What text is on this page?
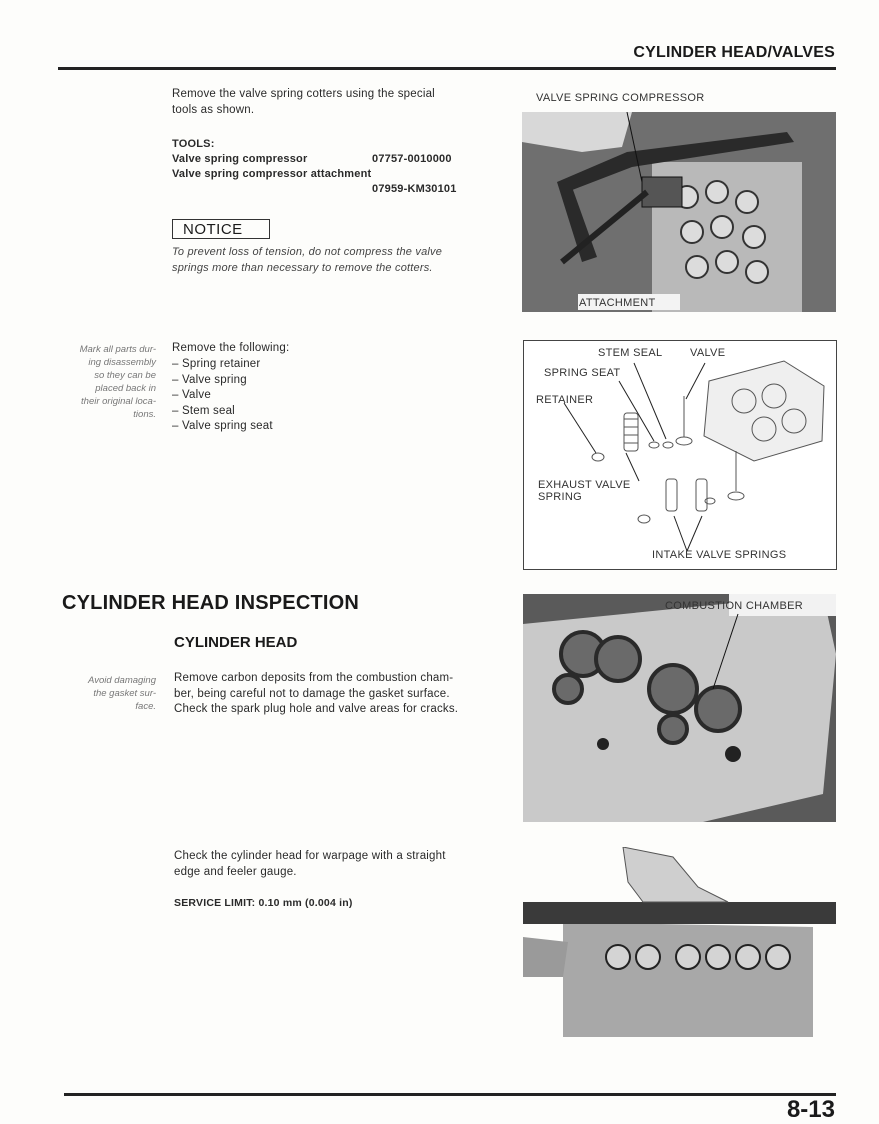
CYLINDER HEAD/VALVES
Remove the valve spring cotters using the special
tools as shown.
TOOLS:
Valve spring compressor	07757-0010000
Valve spring compressor attachment
07959-KM30101
NOTICE
To prevent loss of tension, do not compress the valve
springs more than necessary to remove the cotters.
VALVE SPRING COMPRESSOR
ATTACHMENT
Mark all parts dur-
ing disassembly
so they can be
placed back in
their original loca-
tions.
Remove the following:
– Spring retainer
– Valve spring
– Valve
– Stem seal
– Valve spring seat
STEM SEAL	VALVE
SPRING SEAT
RETAINER
EXHAUST VALVE
SPRING
INTAKE VALVE SPRINGS
CYLINDER HEAD INSPECTION
CYLINDER HEAD
Avoid damaging
the gasket sur-
face.
Remove carbon deposits from the combustion cham-
ber, being careful not to damage the gasket surface.
Check the spark plug hole and valve areas for cracks.
COMBUSTION CHAMBER
Check the cylinder head for warpage with a straight
edge and feeler gauge.
SERVICE LIMIT: 0.10 mm (0.004 in)
8-13
